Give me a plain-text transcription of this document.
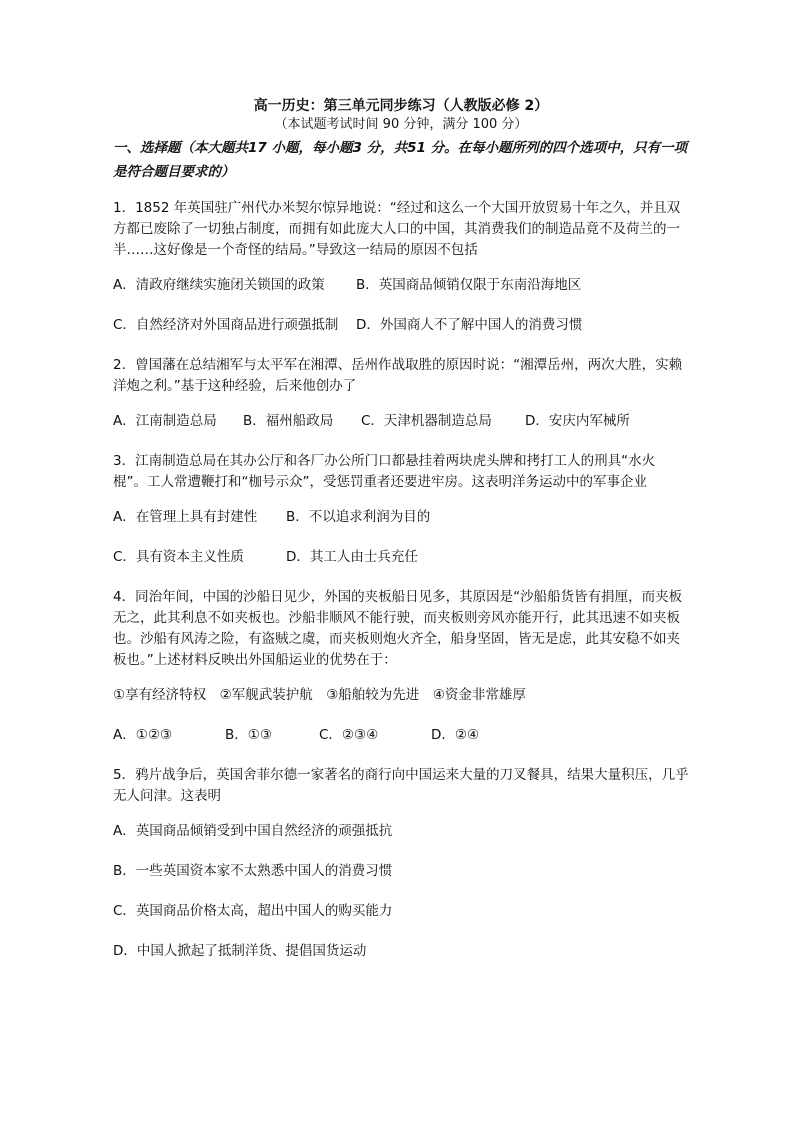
高一历史：第三单元同步练习（人教版必修 2）

（本试题考试时间 90 分钟，满分 100 分）

一、选择题（本大题共17 小题，每小题3 分，共51 分。在每小题所列的四个选项中，只有一项是符合题目要求的）

1．1852 年英国驻广州代办米契尔惊异地说：“经过和这么一个大国开放贸易十年之久，并且双方都已废除了一切独占制度，而拥有如此庞大人口的中国，其消费我们的制造品竟不及荷兰的一半……这好像是一个奇怪的结局。”导致这一结局的原因不包括

A．清政府继续实施闭关锁国的政策 B．英国商品倾销仅限于东南沿海地区

C．自然经济对外国商品进行顽强抵制 D．外国商人不了解中国人的消费习惯

2．曾国藩在总结湘军与太平军在湘潭、岳州作战取胜的原因时说：“湘潭岳州，两次大胜，实赖洋炮之利。”基于这种经验，后来他创办了

A．江南制造总局 B．福州船政局 C．天津机器制造总局 D．安庆内军械所

3．江南制造总局在其办公厅和各厂办公所门口都悬挂着两块虎头牌和拷打工人的刑具“水火棍”。工人常遭鞭打和“枷号示众”，受惩罚重者还要进牢房。这表明洋务运动中的军事企业

A．在管理上具有封建性 B．不以追求利润为目的

C．具有资本主义性质	D．其工人由士兵充任

4．同治年间，中国的沙船日见少，外国的夹板船日见多，其原因是“沙船船货皆有捐厘，而夹板无之，此其利息不如夹板也。沙船非顺风不能行驶，而夹板则旁风亦能开行，此其迅速不如夹板也。沙船有风涛之险，有盗贼之虞，而夹板则炮火齐全，船身坚固，皆无是虑，此其安稳不如夹板也。”上述材料反映出外国船运业的优势在于：

①享有经济特权　②军舰武装护航　③船舶较为先进　④资金非常雄厚

A．①②③	B．①③	C．②③④	D．②④

5．鸦片战争后，英国舍菲尔德一家著名的商行向中国运来大量的刀叉餐具，结果大量积压，几乎无人问津。这表明

A．英国商品倾销受到中国自然经济的顽强抵抗

B．一些英国资本家不太熟悉中国人的消费习惯

C．英国商品价格太高，超出中国人的购买能力

D．中国人掀起了抵制洋货、提倡国货运动
